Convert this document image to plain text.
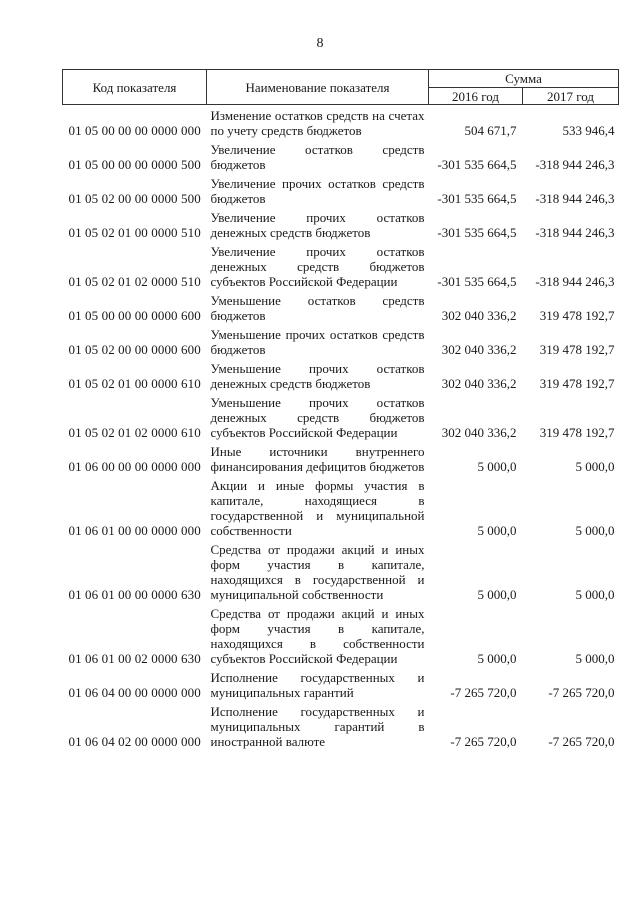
8
Код показателя	Наименование показателя	Сумма	
		2016 год	2017 год
01 05 00 00 00 0000 000	Изменение остатков средств на счетах по учету средств бюджетов	504 671,7	533 946,4
01 05 00 00 00 0000 500	Увеличение остатков средств бюджетов	-301 535 664,5	-318 944 246,3
01 05 02 00 00 0000 500	Увеличение прочих остатков средств бюджетов	-301 535 664,5	-318 944 246,3
01 05 02 01 00 0000 510	Увеличение прочих остатков денежных средств бюджетов	-301 535 664,5	-318 944 246,3
01 05 02 01 02 0000 510	Увеличение прочих остатков денежных средств бюджетов субъектов Российской Федерации	-301 535 664,5	-318 944 246,3
01 05 00 00 00 0000 600	Уменьшение остатков средств бюджетов	302 040 336,2	319 478 192,7
01 05 02 00 00 0000 600	Уменьшение прочих остатков средств бюджетов	302 040 336,2	319 478 192,7
01 05 02 01 00 0000 610	Уменьшение прочих остатков денежных средств бюджетов	302 040 336,2	319 478 192,7
01 05 02 01 02 0000 610	Уменьшение прочих остатков денежных средств бюджетов субъектов Российской Федерации	302 040 336,2	319 478 192,7
01 06 00 00 00 0000 000	Иные источники внутреннего финансирования дефицитов бюджетов	5 000,0	5 000,0
01 06 01 00 00 0000 000	Акции и иные формы участия в капитале, находящиеся в государственной и муниципальной собственности	5 000,0	5 000,0
01 06 01 00 00 0000 630	Средства от продажи акций и иных форм участия в капитале, находящихся в государственной и муниципальной собственности	5 000,0	5 000,0
01 06 01 00 02 0000 630	Средства от продажи акций и иных форм участия в капитале, находящихся в собственности субъектов Российской Федерации	5 000,0	5 000,0
01 06 04 00 00 0000 000	Исполнение государственных и муниципальных гарантий	-7 265 720,0	-7 265 720,0
01 06 04 02 00 0000 000	Исполнение государственных и муниципальных гарантий в иностранной валюте	-7 265 720,0	-7 265 720,0
